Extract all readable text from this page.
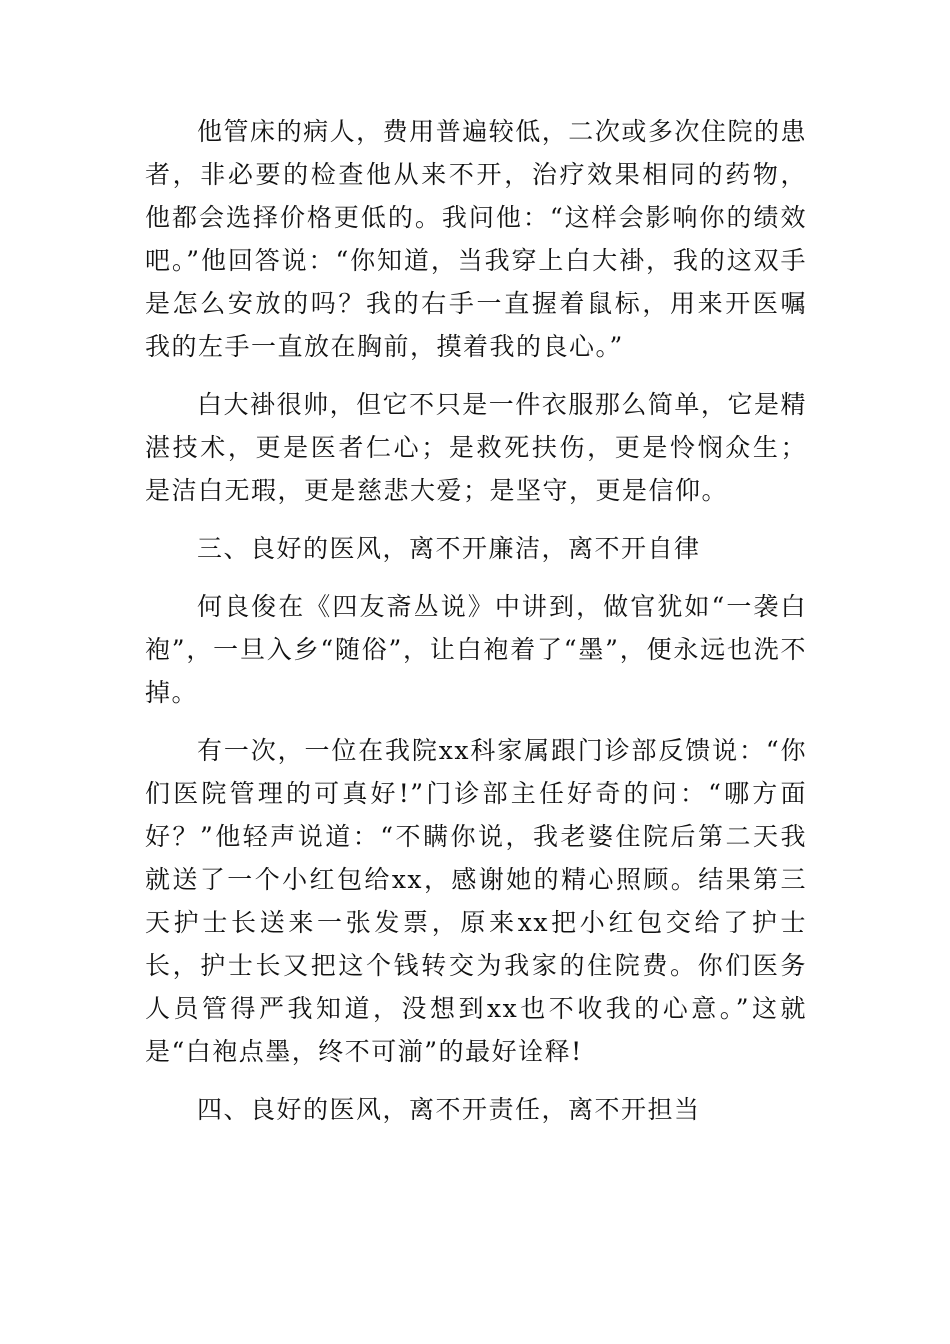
他管床的病人，费用普遍较低，二次或多次住院的患者，非必要的检查他从来不开，治疗效果相同的药物，他都会选择价格更低的。我问他：“这样会影响你的绩效吧。”他回答说：“你知道，当我穿上白大褂，我的这双手是怎么安放的吗？我的右手一直握着鼠标，用来开医嘱我的左手一直放在胸前，摸着我的良心。”

白大褂很帅，但它不只是一件衣服那么简单，它是精湛技术，更是医者仁心；是救死扶伤，更是怜悯众生；是洁白无瑕，更是慈悲大爱；是坚守，更是信仰。

三、良好的医风，离不开廉洁，离不开自律

何良俊在《四友斋丛说》中讲到，做官犹如“一袭白袍”，一旦入乡“随俗”，让白袍着了“墨”，便永远也洗不掉。

有一次，一位在我院xx科家属跟门诊部反馈说：“你们医院管理的可真好!”门诊部主任好奇的问：“哪方面好？”他轻声说道：“不瞒你说，我老婆住院后第二天我就送了一个小红包给xx，感谢她的精心照顾。结果第三天护士长送来一张发票，原来xx把小红包交给了护士长，护士长又把这个钱转交为我家的住院费。你们医务人员管得严我知道，没想到xx也不收我的心意。”这就是“白袍点墨，终不可湔”的最好诠释!

四、良好的医风，离不开责任，离不开担当
